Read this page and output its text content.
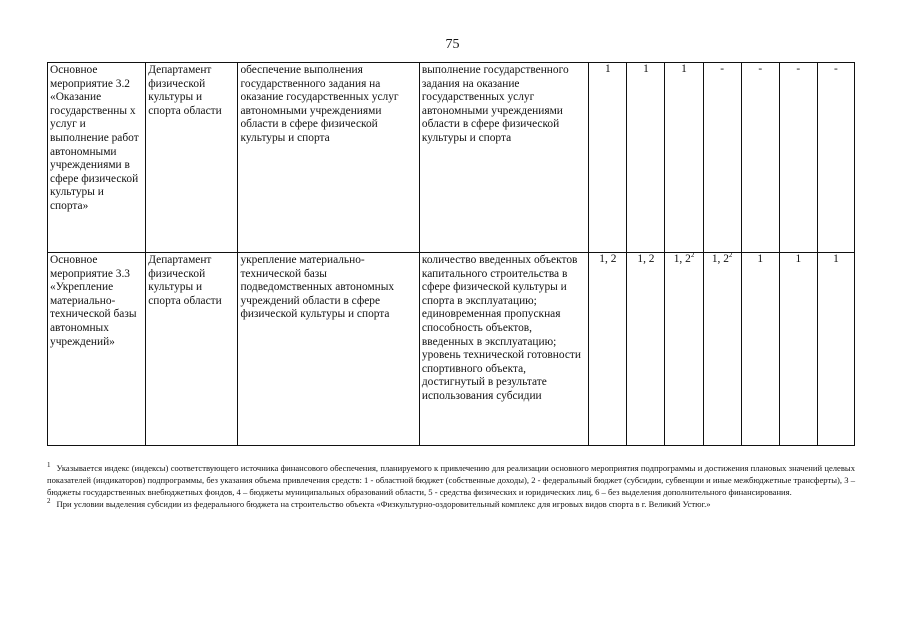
75
Основное мероприятие 3.2 «Оказание государственны х услуг и выполнение работ автономными учреждениями в сфере физической культуры и спорта»	Департамент физической культуры и спорта области	обеспечение выполнения государственного задания на оказание государственных услуг автономными учреждениями области в сфере физической культуры и спорта	выполнение государственного задания на оказание государственных услуг автономными учреждениями области в сфере физической культуры и спорта	1	1	1	-	-	-	-
Основное мероприятие 3.3 «Укрепление материально-технической базы автономных учреждений»	Департамент физической культуры и спорта области	укрепление материально-технической базы подведомственных автономных учреждений области в сфере физической культуры и спорта	количество введенных объектов капитального строительства в сфере физической культуры и спорта в эксплуатацию; единовременная пропускная способность объектов, введенных в эксплуатацию; уровень технической готовности спортивного объекта, достигнутый в результате использования субсидии	1, 2	1, 2	1, $2^2$	1, $2^2$	1	1	1

$^1$ Указывается индекс (индексы) соответствующего источника финансового обеспечения, планируемого к привлечению для реализации основного мероприятия подпрограммы и достижения плановых значений целевых показателей (индикаторов) подпрограммы, без указания объема привлечения средств: 1 - областной бюджет (собственные доходы), 2 - федеральный бюджет (субсидии, субвенции и иные межбюджетные трансферты), 3 – бюджеты государственных внебюджетных фондов, 4 – бюджеты муниципальных образований области, 5 - средства физических и юридических лиц, 6 – без выделения дополнительного финансирования.

$^2$ При условии выделения субсидии из федерального бюджета на строительство объекта «Физкультурно-оздоровительный комплекс для игровых видов спорта в г. Великий Устюг.»
